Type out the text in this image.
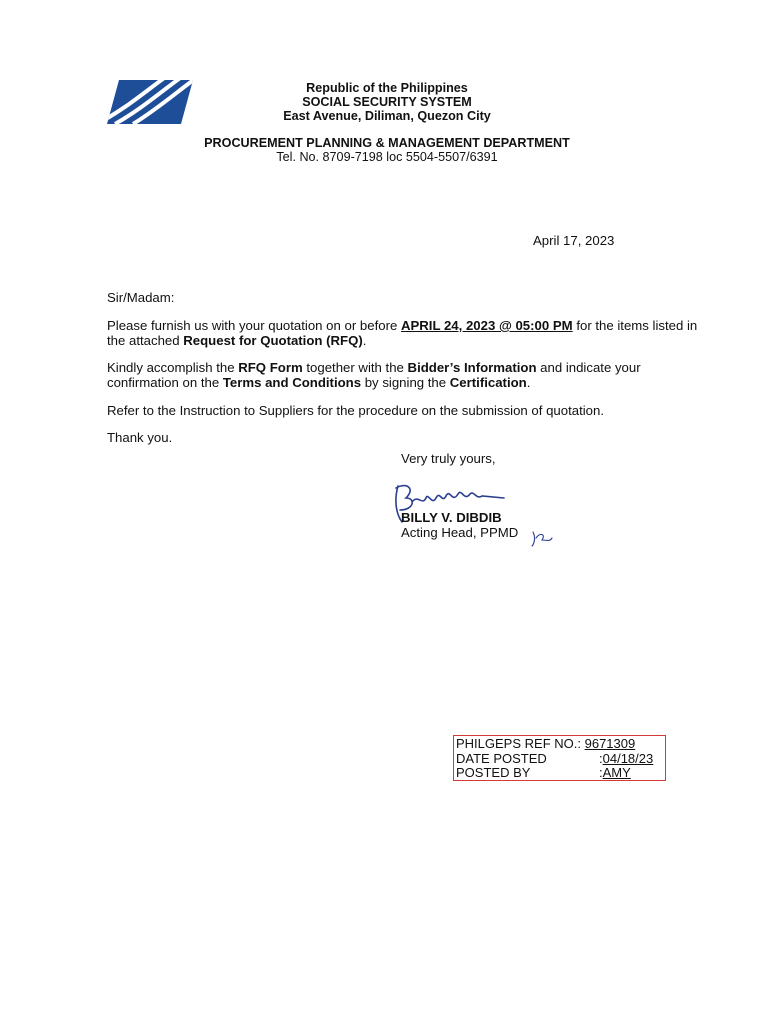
Republic of the Philippines
SOCIAL SECURITY SYSTEM
East Avenue, Diliman, Quezon City
PROCUREMENT PLANNING & MANAGEMENT DEPARTMENT
Tel. No. 8709-7198 loc 5504-5507/6391
April 17, 2023
Sir/Madam:
Please furnish us with your quotation on or before APRIL 24, 2023 @ 05:00 PM for the items listed in the attached Request for Quotation (RFQ).
Kindly accomplish the RFQ Form together with the Bidder’s Information and indicate your confirmation on the Terms and Conditions by signing the Certification.
Refer to the Instruction to Suppliers for the procedure on the submission of quotation.
Thank you.
Very truly yours,
BILLY V. DIBDIB
Acting Head, PPMD
PHILGEPS REF NO.:
9671309
DATE POSTED	: 04/18/23
POSTED BY	: AMY
